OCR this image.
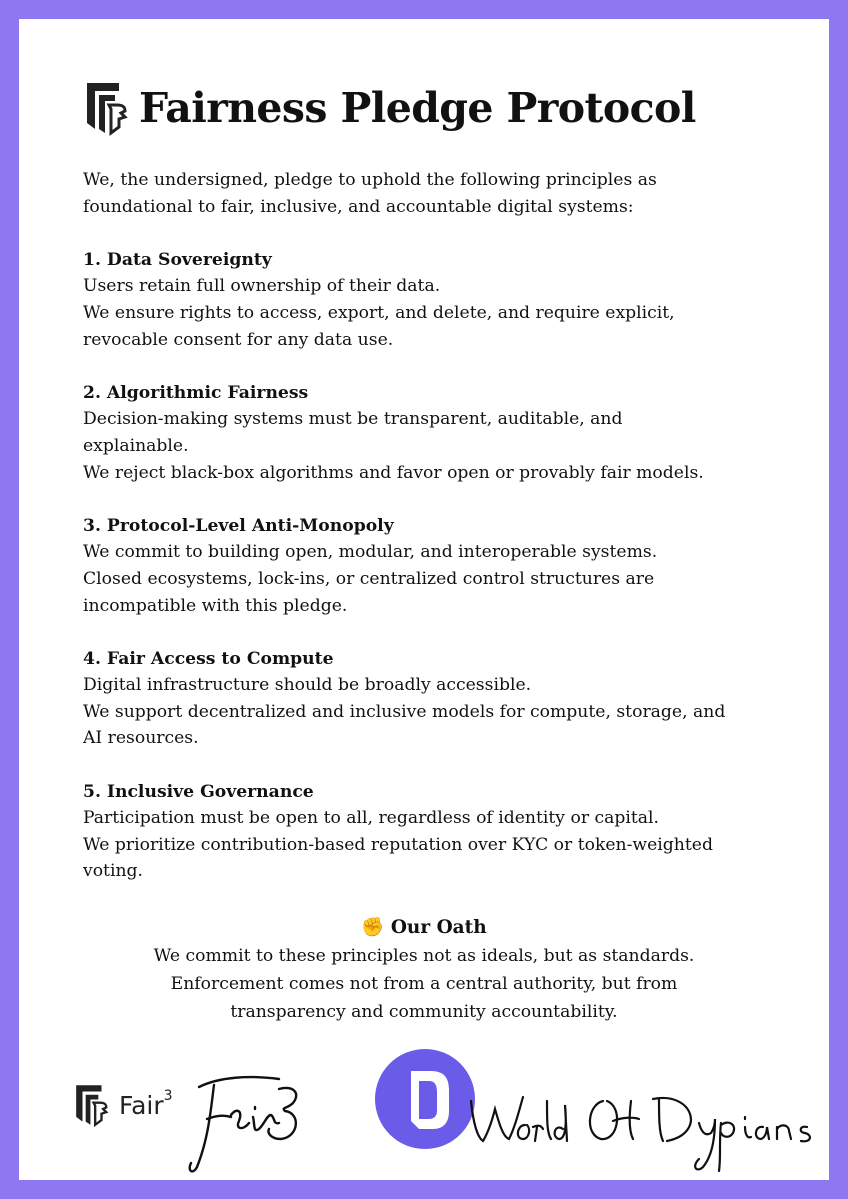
Fairness Pledge Protocol

We, the undersigned, pledge to uphold the following principles as
foundational to fair, inclusive, and accountable digital systems:

1. Data Sovereignty
Users retain full ownership of their data.
We ensure rights to access, export, and delete, and require explicit,
revocable consent for any data use.

2. Algorithmic Fairness
Decision-making systems must be transparent, auditable, and
explainable.
We reject black-box algorithms and favor open or provably fair models.

3. Protocol-Level Anti-Monopoly
We commit to building open, modular, and interoperable systems.
Closed ecosystems, lock-ins, or centralized control structures are
incompatible with this pledge.

4. Fair Access to Compute
Digital infrastructure should be broadly accessible.
We support decentralized and inclusive models for compute, storage, and
AI resources.

5. Inclusive Governance
Participation must be open to all, regardless of identity or capital.
We prioritize contribution-based reputation over KYC or token-weighted
voting.

✊ Our Oath
We commit to these principles not as ideals, but as standards.
Enforcement comes not from a central authority, but from
transparency and community accountability.
Fair$^3$
